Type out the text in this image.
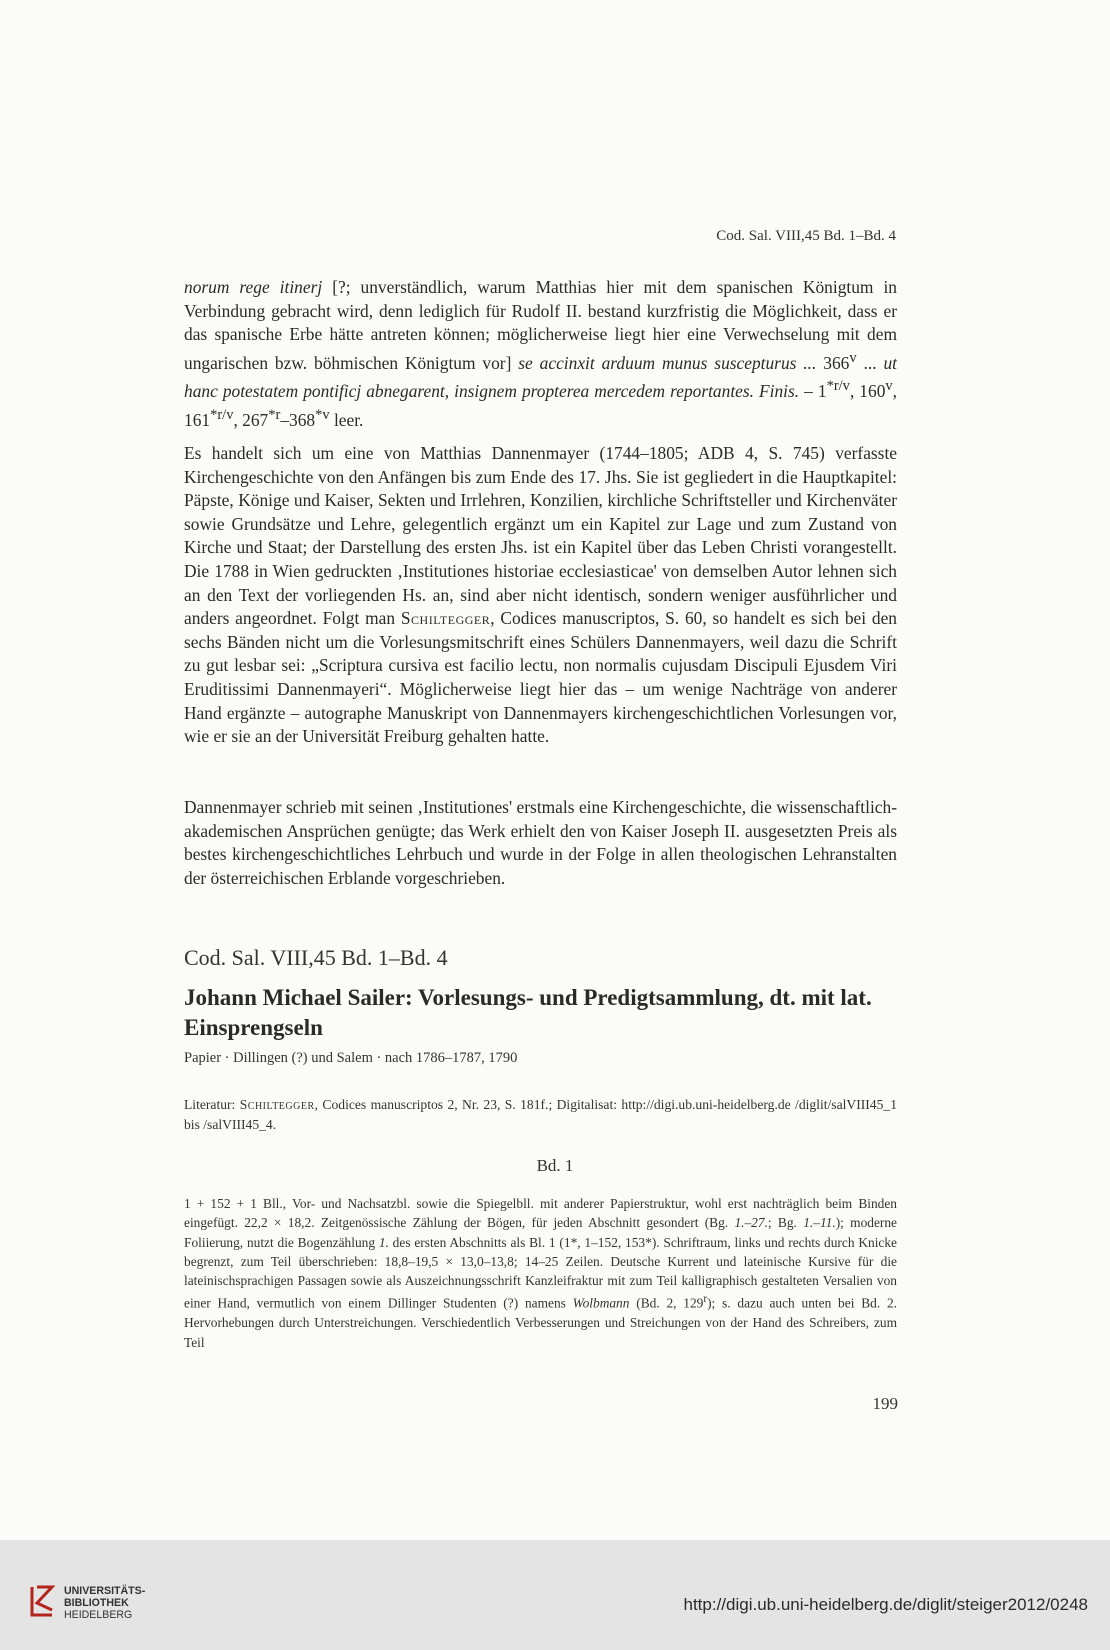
Cod. Sal. VIII,45 Bd. 1–Bd. 4

norum rege itinerj [?; unverständlich, warum Matthias hier mit dem spanischen Königtum in Verbindung gebracht wird, denn lediglich für Rudolf II. bestand kurzfristig die Möglichkeit, dass er das spanische Erbe hätte antreten können; möglicherweise liegt hier eine Verwechselung mit dem ungarischen bzw. böhmischen Königtum vor] se accinxit arduum munus suscepturus ... 366$^v$ ... ut hanc potestatem pontificj abnegarent, insignem propterea mercedem reportantes. Finis. – $1^{*r/v}$, 160$^v$, $161^{*r/v}$, 267$^{*r}$–368$^{*v}$ leer.

Es handelt sich um eine von Matthias Dannenmayer (1744–1805; ADB 4, S. 745) verfasste Kirchengeschichte von den Anfängen bis zum Ende des 17. Jhs. Sie ist gegliedert in die Hauptkapitel: Päpste, Könige und Kaiser, Sekten und Irrlehren, Konzilien, kirchliche Schriftsteller und Kirchenväter sowie Grundsätze und Lehre, gelegentlich ergänzt um ein Kapitel zur Lage und zum Zustand von Kirche und Staat; der Darstellung des ersten Jhs. ist ein Kapitel über das Leben Christi vorangestellt. Die 1788 in Wien gedruckten ‚Institutiones historiae ecclesiasticae' von demselben Autor lehnen sich an den Text der vorliegenden Hs. an, sind aber nicht identisch, sondern weniger ausführlicher und anders angeordnet. Folgt man Schiltegger, Codices manuscriptos, S. 60, so handelt es sich bei den sechs Bänden nicht um die Vorlesungsmitschrift eines Schülers Dannenmayers, weil dazu die Schrift zu gut lesbar sei: „Scriptura cursiva est facilio lectu, non normalis cujusdam Discipuli Ejusdem Viri Eruditissimi Dannenmayeri“. Möglicherweise liegt hier das – um wenige Nachträge von anderer Hand ergänzte – autographe Manuskript von Dannenmayers kirchengeschichtlichen Vorlesungen vor, wie er sie an der Universität Freiburg gehalten hatte.

Dannenmayer schrieb mit seinen ‚Institutiones' erstmals eine Kirchengeschichte, die wissenschaftlich-akademischen Ansprüchen genügte; das Werk erhielt den von Kaiser Joseph II. ausgesetzten Preis als bestes kirchengeschichtliches Lehrbuch und wurde in der Folge in allen theologischen Lehranstalten der österreichischen Erblande vorgeschrieben.

Cod. Sal. VIII,45 Bd. 1–Bd. 4
Johann Michael Sailer: Vorlesungs- und Predigtsammlung, dt. mit lat. Einsprengseln
Papier · Dillingen (?) und Salem · nach 1786–1787, 1790
Literatur: Schiltegger, Codices manuscriptos 2, Nr. 23, S. 181f.; Digitalisat: http://digi.ub.uni-heidelberg.de /diglit/salVIII45_1 bis /salVIII45_4.
Bd. 1
1 + 152 + 1 Bll., Vor- und Nachsatzbl. sowie die Spiegelbll. mit anderer Papierstruktur, wohl erst nachträglich beim Binden eingefügt. 22,2 × 18,2. Zeitgenössische Zählung der Bögen, für jeden Abschnitt gesondert (Bg. 1.–27.; Bg. 1.–11.); moderne Foliierung, nutzt die Bogenzählung 1. des ersten Abschnitts als Bl. 1 (1*, 1–152, 153*). Schriftraum, links und rechts durch Knicke begrenzt, zum Teil überschrieben: 18,8–19,5 × 13,0–13,8; 14–25 Zeilen. Deutsche Kurrent und lateinische Kursive für die lateinischsprachigen Passagen sowie als Auszeichnungsschrift Kanzleifraktur mit zum Teil kalligraphisch gestalteten Versalien von einer Hand, vermutlich von einem Dillinger Studenten (?) namens Wolbmann (Bd. 2, 129$^r$); s. dazu auch unten bei Bd. 2. Hervorhebungen durch Unterstreichungen. Verschiedentlich Verbesserungen und Streichungen von der Hand des Schreibers, zum Teil
199
UNIVERSITÄTS-
BIBLIOTHEK
HEIDELBERG
http://digi.ub.uni-heidelberg.de/diglit/steiger2012/0248
